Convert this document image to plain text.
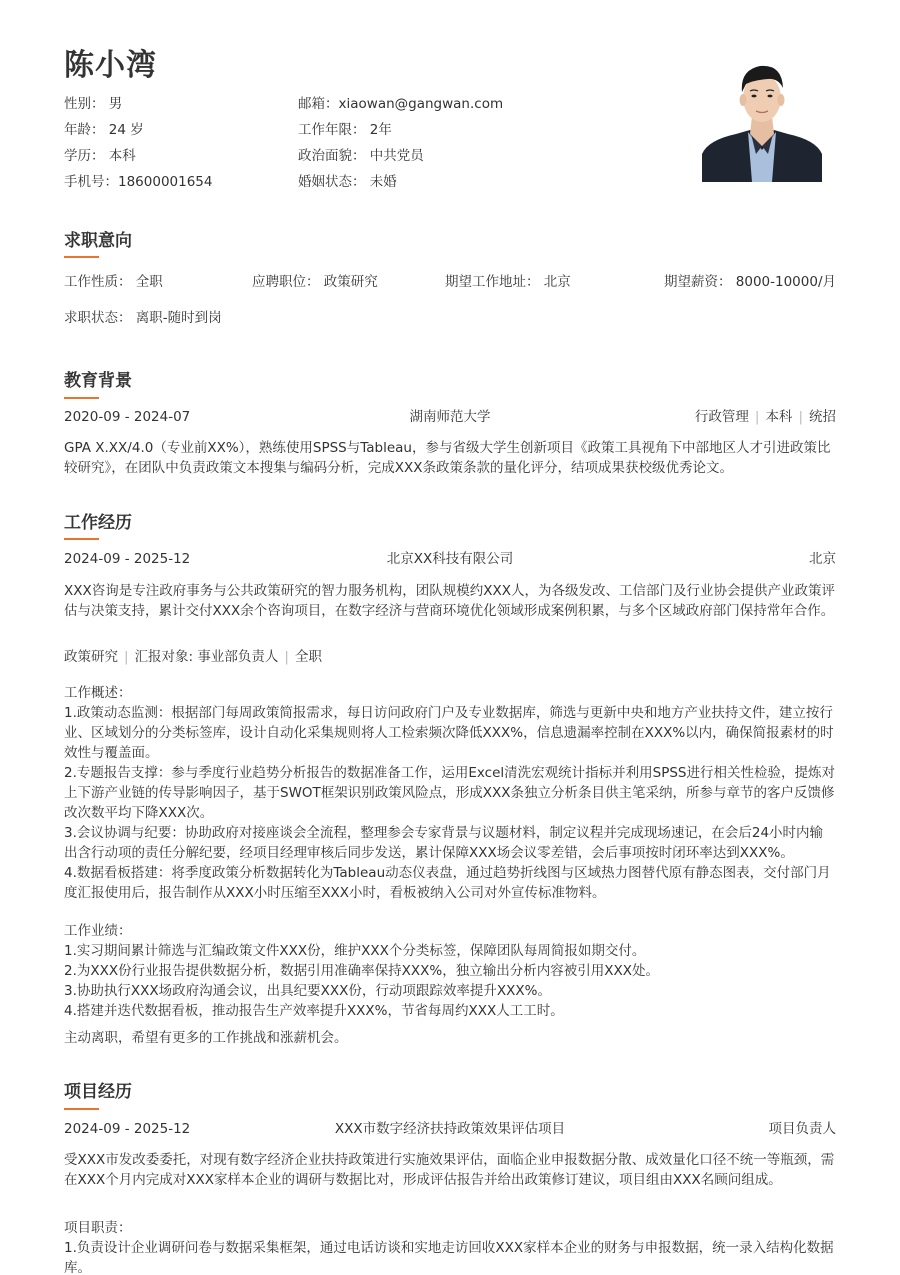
陈小湾
性别： 男	邮箱：xiaowan@gangwan.com
年龄： 24 岁	工作年限： 2年
学历： 本科	政治面貌： 中共党员
手机号：18600001654	婚姻状态： 未婚
求职意向
工作性质： 全职	应聘职位： 政策研究	期望工作地址： 北京	期望薪资： 8000-10000/月
求职状态： 离职-随时到岗
教育背景
2020-09 - 2024-07	湖南师范大学	行政管理 | 本科 | 统招
GPA X.XX/4.0（专业前XX%），熟练使用SPSS与Tableau，参与省级大学生创新项目《政策工具视角下中部地区人才引进政策比较研究》，在团队中负责政策文本搜集与编码分析，完成XXX条政策条款的量化评分，结项成果获校级优秀论文。
工作经历
2024-09 - 2025-12	北京XX科技有限公司	北京
XXX咨询是专注政府事务与公共政策研究的智力服务机构，团队规模约XXX人，为各级发改、工信部门及行业协会提供产业政策评估与决策支持，累计交付XXX余个咨询项目，在数字经济与营商环境优化领域形成案例积累，与多个区域政府部门保持常年合作。
政策研究 | 汇报对象: 事业部负责人 | 全职
工作概述：
1.政策动态监测：根据部门每周政策简报需求，每日访问政府门户及专业数据库，筛选与更新中央和地方产业扶持文件，建立按行业、区域划分的分类标签库，设计自动化采集规则将人工检索频次降低XXX%，信息遗漏率控制在XXX%以内，确保简报素材的时效性与覆盖面。
2.专题报告支撑：参与季度行业趋势分析报告的数据准备工作，运用Excel清洗宏观统计指标并利用SPSS进行相关性检验，提炼对上下游产业链的传导影响因子，基于SWOT框架识别政策风险点，形成XXX条独立分析条目供主笔采纳，所参与章节的客户反馈修改次数平均下降XXX次。
3.会议协调与纪要：协助政府对接座谈会全流程，整理参会专家背景与议题材料，制定议程并完成现场速记，在会后24小时内输出含行动项的责任分解纪要，经项目经理审核后同步发送，累计保障XXX场会议零差错，会后事项按时闭环率达到XXX%。
4.数据看板搭建：将季度政策分析数据转化为Tableau动态仪表盘，通过趋势折线图与区域热力图替代原有静态图表，交付部门月度汇报使用后，报告制作从XXX小时压缩至XXX小时，看板被纳入公司对外宣传标准物料。
工作业绩：
1.实习期间累计筛选与汇编政策文件XXX份，维护XXX个分类标签，保障团队每周简报如期交付。
2.为XXX份行业报告提供数据分析，数据引用准确率保持XXX%，独立输出分析内容被引用XXX处。
3.协助执行XXX场政府沟通会议，出具纪要XXX份，行动项跟踪效率提升XXX%。
4.搭建并迭代数据看板，推动报告生产效率提升XXX%，节省每周约XXX人工工时。
主动离职，希望有更多的工作挑战和涨薪机会。
项目经历
2024-09 - 2025-12	XXX市数字经济扶持政策效果评估项目	项目负责人
受XXX市发改委委托，对现有数字经济企业扶持政策进行实施效果评估，面临企业申报数据分散、成效量化口径不统一等瓶颈，需在XXX个月内完成对XXX家样本企业的调研与数据比对，形成评估报告并给出政策修订建议，项目组由XXX名顾问组成。
项目职责：
1.负责设计企业调研问卷与数据采集框架，通过电话访谈和实地走访回收XXX家样本企业的财务与申报数据，统一录入结构化数据库。
